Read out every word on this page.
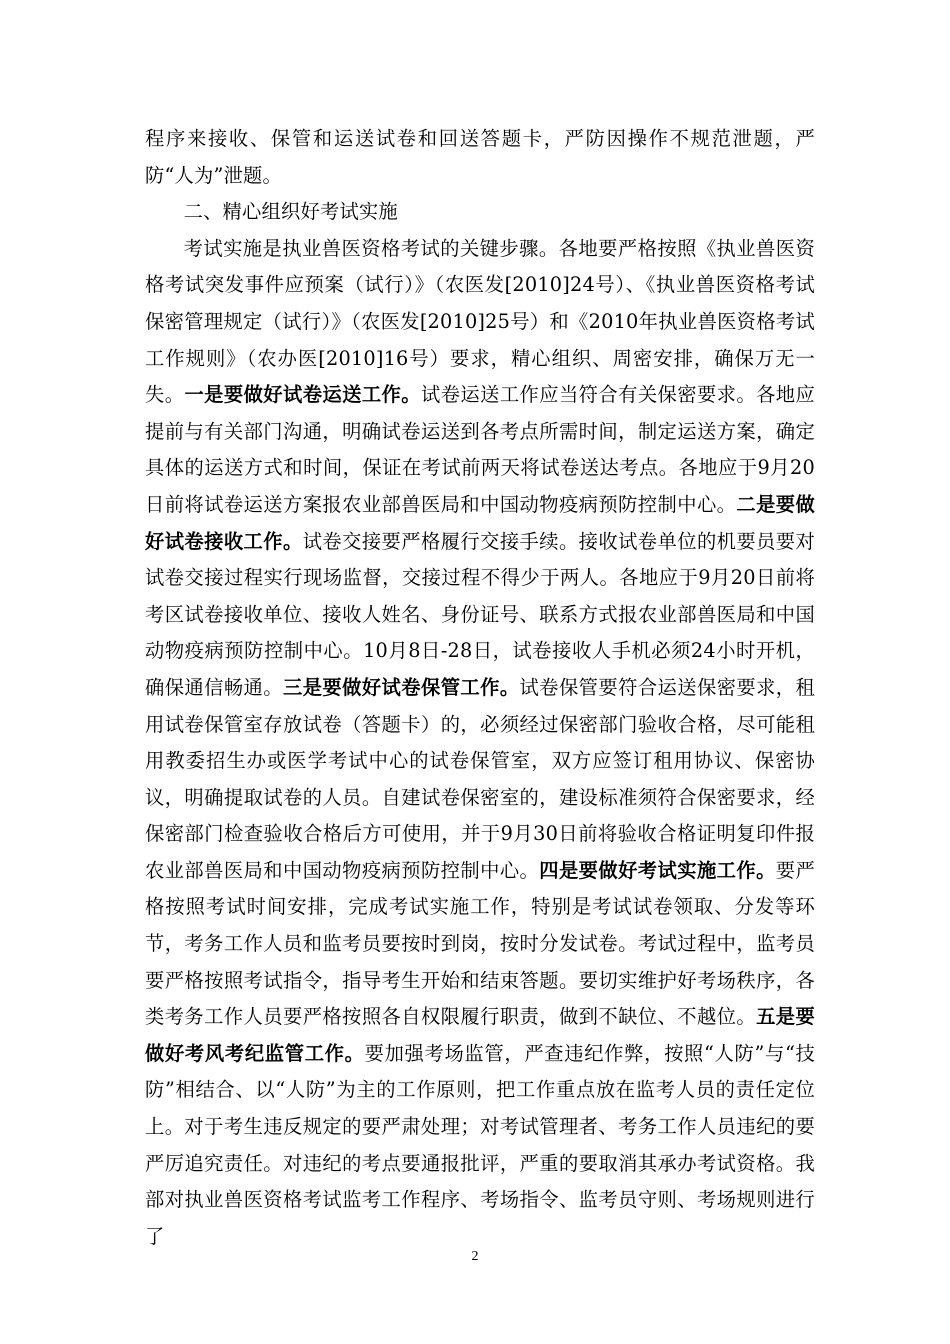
程序来接收、保管和运送试卷和回送答题卡，严防因操作不规范泄题，严防“人为”泄题。

二、精心组织好考试实施

考试实施是执业兽医资格考试的关键步骤。各地要严格按照《执业兽医资格考试突发事件应预案（试行）》（农医发[2010]24号）、《执业兽医资格考试保密管理规定（试行）》（农医发[2010]25号）和《2010年执业兽医资格考试工作规则》（农办医[2010]16号）要求，精心组织、周密安排，确保万无一失。一是要做好试卷运送工作。试卷运送工作应当符合有关保密要求。各地应提前与有关部门沟通，明确试卷运送到各考点所需时间，制定运送方案，确定具体的运送方式和时间，保证在考试前两天将试卷送达考点。各地应于9月20日前将试卷运送方案报农业部兽医局和中国动物疫病预防控制中心。二是要做好试卷接收工作。试卷交接要严格履行交接手续。接收试卷单位的机要员要对试卷交接过程实行现场监督，交接过程不得少于两人。各地应于9月20日前将考区试卷接收单位、接收人姓名、身份证号、联系方式报农业部兽医局和中国动物疫病预防控制中心。10月8日-28日，试卷接收人手机必须24小时开机，确保通信畅通。三是要做好试卷保管工作。试卷保管要符合运送保密要求，租用试卷保管室存放试卷（答题卡）的，必须经过保密部门验收合格，尽可能租用教委招生办或医学考试中心的试卷保管室，双方应签订租用协议、保密协议，明确提取试卷的人员。自建试卷保密室的，建设标准须符合保密要求，经保密部门检查验收合格后方可使用，并于9月30日前将验收合格证明复印件报农业部兽医局和中国动物疫病预防控制中心。四是要做好考试实施工作。要严格按照考试时间安排，完成考试实施工作，特别是考试试卷领取、分发等环节，考务工作人员和监考员要按时到岗，按时分发试卷。考试过程中，监考员要严格按照考试指令，指导考生开始和结束答题。要切实维护好考场秩序，各类考务工作人员要严格按照各自权限履行职责，做到不缺位、不越位。五是要做好考风考纪监管工作。要加强考场监管，严查违纪作弊，按照“人防”与“技防”相结合、以“人防”为主的工作原则，把工作重点放在监考人员的责任定位上。对于考生违反规定的要严肃处理；对考试管理者、考务工作人员违纪的要严厉追究责任。对违纪的考点要通报批评，严重的要取消其承办考试资格。我部对执业兽医资格考试监考工作程序、考场指令、监考员守则、考场规则进行了

2
